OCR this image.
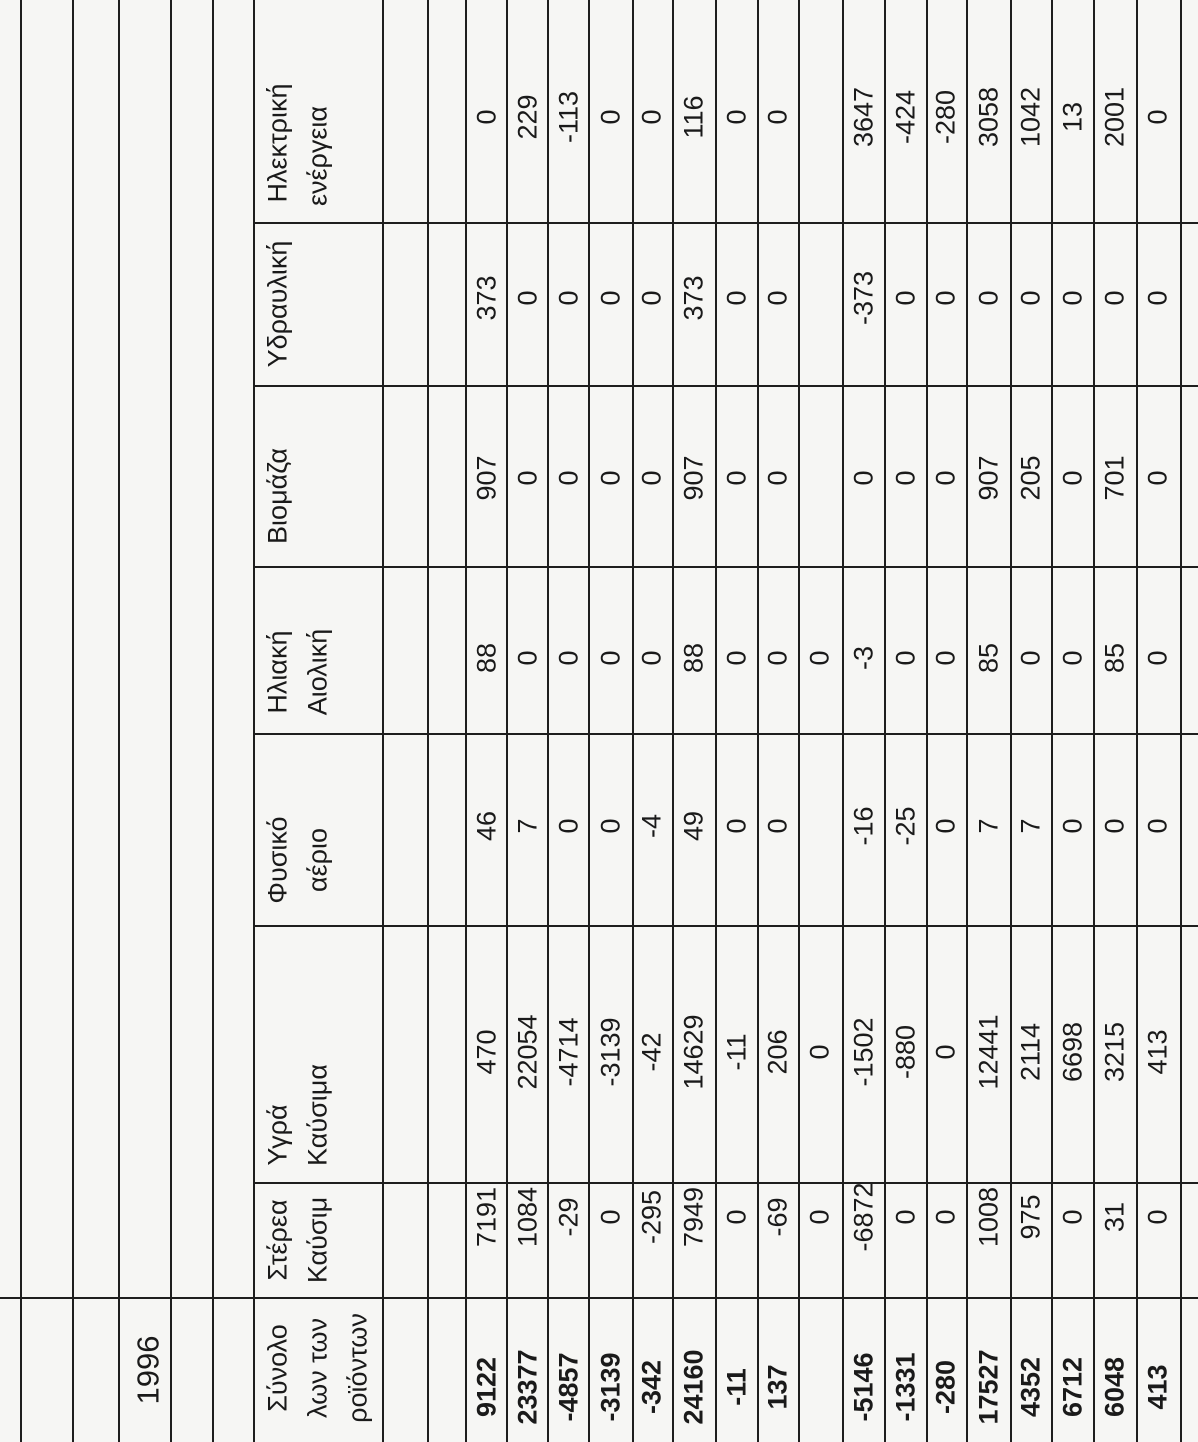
1996	Σύνολο λων των ροϊόντων
Στέρεα Καύσιμ
Υγρά Καύσιμα
Φυσικό αέριο
Ηλιακή Αιολική
Βιομάζα
Υδραυλική
Ηλεκτρική ενέργεια
9122
7191
470
46
88
907
373
0
23377
1084
22054
7
0
0
0
229
-4857
-29
-4714
0
0
0
0
-113
-3139
0
-3139
0
0
0
0
0
-342
-295
-42
-4
0
0
0
0
24160
7949
14629
49
88
907
373
116
-11
0
-11
0
0
0
0
0
137
-69
206
0
0
0
0
0
0
0
0
-5146
-6872
-1502
-16
-3
0
-373
3647
-1331
0
-880
-25
0
0
0
-424
-280
0
0
0
0
0
0
-280
17527
1008
12441
7
85
907
0
3058
4352
975
2114
7
0
205
0
1042
6712
0
6698
0
0
0
0
13
6048
31
3215
0
85
701
0
2001
413
0
413
0
0
0
0
0
